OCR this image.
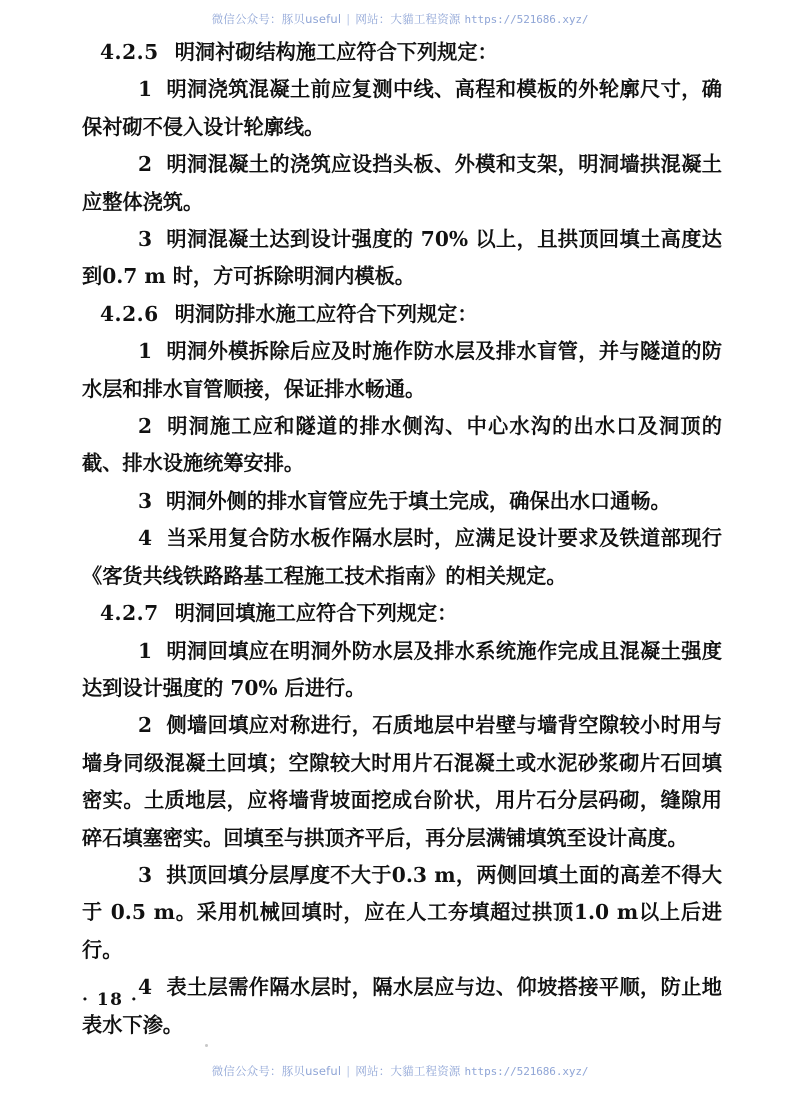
微信公众号：豚贝useful | 网站：大貓工程资源 https://521686.xyz/

4.2.5 明洞衬砌结构施工应符合下列规定：

1 明洞浇筑混凝土前应复测中线、高程和模板的外轮廓尺寸，确保衬砌不侵入设计轮廓线。

2 明洞混凝土的浇筑应设挡头板、外模和支架，明洞墙拱混凝土应整体浇筑。

3 明洞混凝土达到设计强度的 70% 以上，且拱顶回填土高度达到0.7 m 时，方可拆除明洞内模板。

4.2.6 明洞防排水施工应符合下列规定：

1 明洞外模拆除后应及时施作防水层及排水盲管，并与隧道的防水层和排水盲管顺接，保证排水畅通。

2 明洞施工应和隧道的排水侧沟、中心水沟的出水口及洞顶的截、排水设施统筹安排。

3 明洞外侧的排水盲管应先于填土完成，确保出水口通畅。

4 当采用复合防水板作隔水层时，应满足设计要求及铁道部现行《客货共线铁路路基工程施工技术指南》的相关规定。

4.2.7 明洞回填施工应符合下列规定：

1 明洞回填应在明洞外防水层及排水系统施作完成且混凝土强度达到设计强度的 70% 后进行。

2 侧墙回填应对称进行，石质地层中岩壁与墙背空隙较小时用与墙身同级混凝土回填；空隙较大时用片石混凝土或水泥砂浆砌片石回填密实。土质地层，应将墙背坡面挖成台阶状，用片石分层码砌，缝隙用碎石填塞密实。回填至与拱顶齐平后，再分层满铺填筑至设计高度。

3 拱顶回填分层厚度不大于0.3 m，两侧回填土面的高差不得大于 0.5 m。采用机械回填时，应在人工夯填超过拱顶1.0 m以上后进行。

4 表土层需作隔水层时，隔水层应与边、仰坡搭接平顺，防止地表水下渗。

· 18 ·
微信公众号：豚贝useful | 网站：大貓工程资源 https://521686.xyz/
